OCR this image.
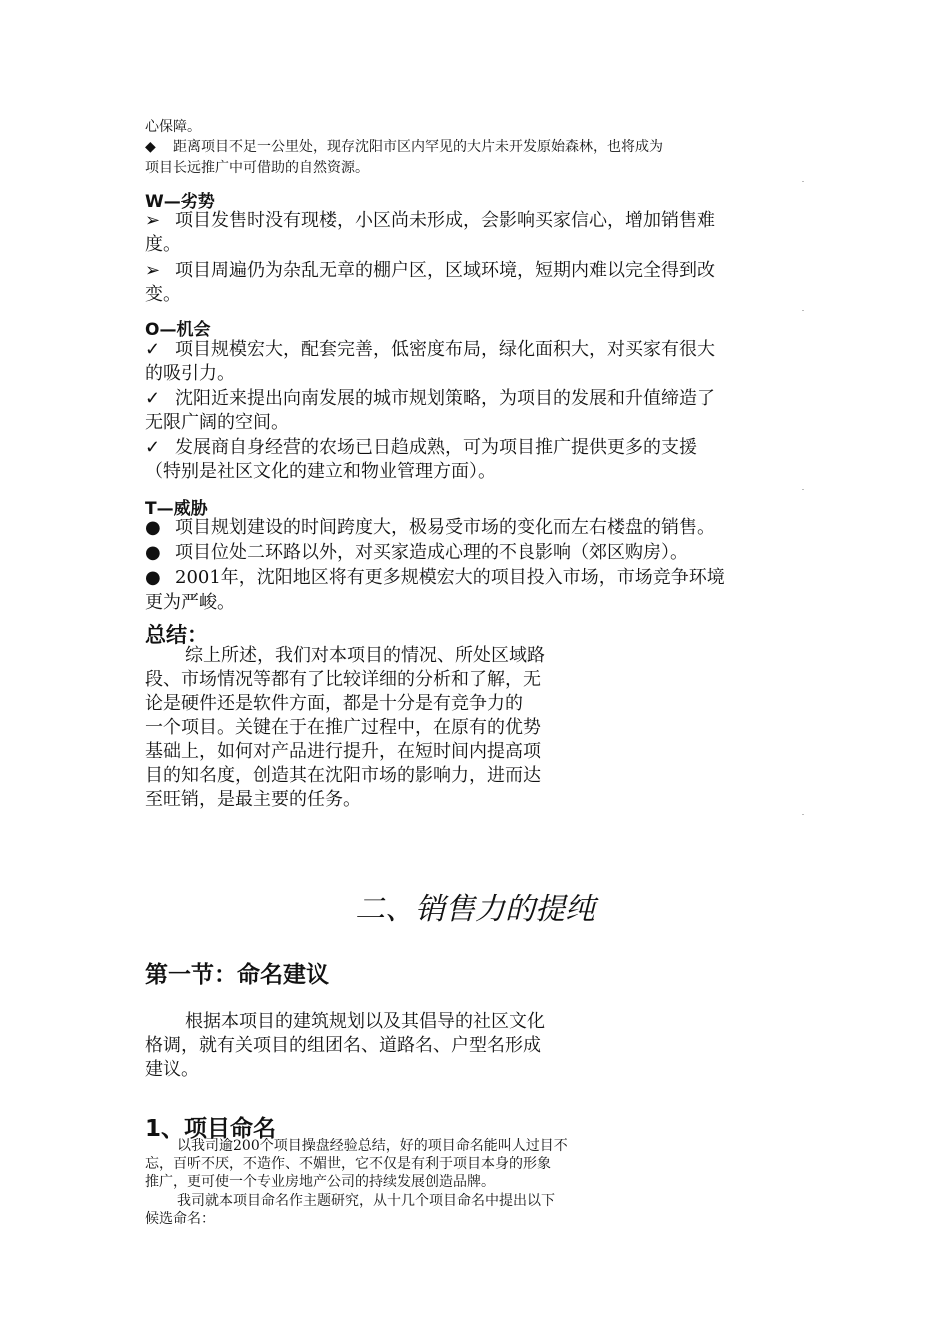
心保障。
◆ 距离项目不足一公里处，现存沈阳市区内罕见的大片未开发原始森林，也将成为
项目长远推广中可借助的自然资源。
W—劣势
➢ 项目发售时没有现楼，小区尚未形成，会影响买家信心，增加销售难
度。
➢ 项目周遍仍为杂乱无章的棚户区，区域环境，短期内难以完全得到改
变。
O—机会
✓ 项目规模宏大，配套完善，低密度布局，绿化面积大，对买家有很大
的吸引力。
✓ 沈阳近来提出向南发展的城市规划策略，为项目的发展和升值缔造了
无限广阔的空间。
✓ 发展商自身经营的农场已日趋成熟，可为项目推广提供更多的支援
（特别是社区文化的建立和物业管理方面）。
T—威胁
● 项目规划建设的时间跨度大，极易受市场的变化而左右楼盘的销售。
● 项目位处二环路以外，对买家造成心理的不良影响（郊区购房）。
● 2001年，沈阳地区将有更多规模宏大的项目投入市场，市场竞争环境
更为严峻。
总结：
综上所述，我们对本项目的情况、所处区域路
段、市场情况等都有了比较详细的分析和了解，无
论是硬件还是软件方面，都是十分是有竞争力的
一个项目。关键在于在推广过程中，在原有的优势
基础上，如何对产品进行提升，在短时间内提高项
目的知名度，创造其在沈阳市场的影响力，进而达
至旺销，是最主要的任务。
二、销售力的提纯
第一节：命名建议
根据本项目的建筑规划以及其倡导的社区文化
格调，就有关项目的组团名、道路名、户型名形成
建议。
1、项目命名
以我司逾200个项目操盘经验总结，好的项目命名能叫人过目不
忘，百听不厌，不造作、不媚世，它不仅是有利于项目本身的形象
推广，更可使一个专业房地产公司的持续发展创造品牌。
我司就本项目命名作主题研究，从十几个项目命名中提出以下
候选命名：
